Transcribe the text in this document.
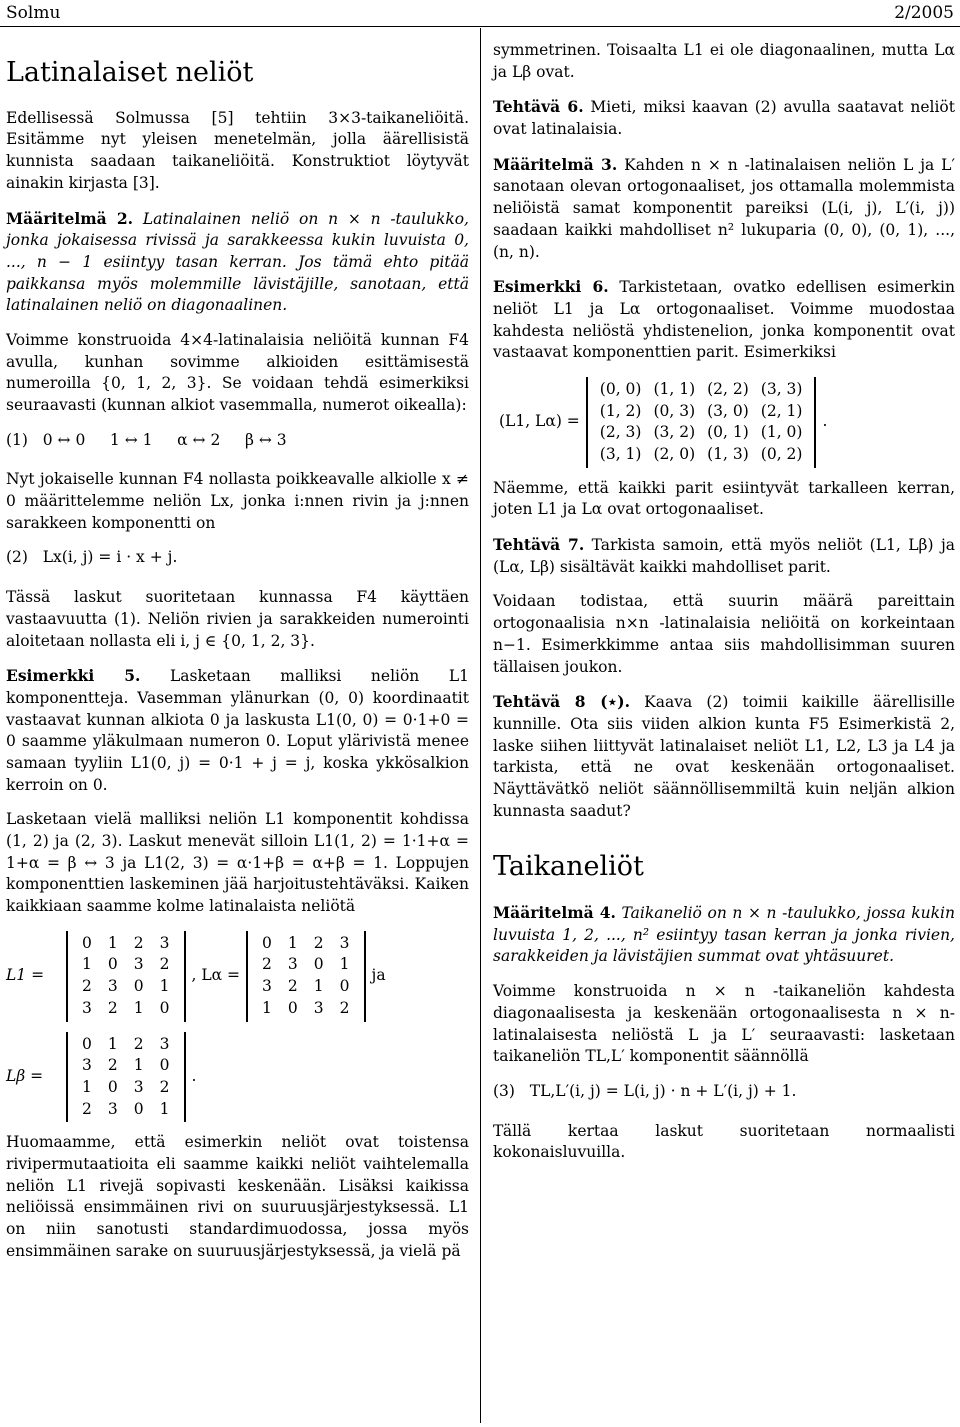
Solmu	2/2005
Latinalaiset neliöt

Edellisessä Solmussa [5] tehtiin 3×3-taikaneliöitä. Esitämme nyt yleisen menetelmän, jolla äärellisistä kunnista saadaan taikaneliöitä. Konstruktiot löytyvät ainakin kirjasta [3].

Määritelmä 2. Latinalainen neliö on n × n -taulukko, jonka jokaisessa rivissä ja sarakkeessa kukin luvuista 0, ..., n − 1 esiintyy tasan kerran. Jos tämä ehto pitää paikkansa myös molemmille lävistäjille, sanotaan, että latinalainen neliö on diagonaalinen.

Voimme konstruoida 4×4-latinalaisia neliöitä kunnan F4 avulla, kunhan sovimme alkioiden esittämisestä numeroilla {0, 1, 2, 3}. Se voidaan tehdä esimerkiksi seuraavasti (kunnan alkiot vasemmalla, numerot oikealla):

(1)   0 ↔ 0     1 ↔ 1     α ↔ 2     β ↔ 3

Nyt jokaiselle kunnan F4 nollasta poikkeavalle alkiolle x ≠ 0 määrittelemme neliön Lx, jonka i:nnen rivin ja j:nnen sarakkeen komponentti on

(2)   Lx(i, j) = i · x + j.

Tässä laskut suoritetaan kunnassa F4 käyttäen vastaavuutta (1). Neliön rivien ja sarakkeiden numerointi aloitetaan nollasta eli i, j ∈ {0, 1, 2, 3}.

Esimerkki 5. Lasketaan malliksi neliön L1 komponentteja. Vasemman ylänurkan (0, 0) koordinaatit vastaavat kunnan alkiota 0 ja laskusta L1(0, 0) = 0·1+0 = 0 saamme yläkulmaan numeron 0. Loput ylärivistä menee samaan tyyliin L1(0, j) = 0·1 + j = j, koska ykkösalkion kerroin on 0.

Lasketaan vielä malliksi neliön L1 komponentit kohdissa (1, 2) ja (2, 3). Laskut menevät silloin L1(1, 2) = 1·1+α = 1+α = β ↔ 3 ja L1(2, 3) = α·1+β = α+β = 1. Loppujen komponenttien laskeminen jää harjoitustehtäväksi. Kaiken kaikkiaan saamme kolme latinalaista neliötä

L1 =
0	1	2	3
1	0	3	2
2	3	0	1
3	2	1	0
, Lα =
0	1	2	3
2	3	0	1
3	2	1	0
1	0	3	2
ja
Lβ =
0	1	2	3
3	2	1	0
1	0	3	2
2	3	0	1
.

Huomaamme, että esimerkin neliöt ovat toistensa rivipermutaatioita eli saamme kaikki neliöt vaihtelemalla neliön L1 rivejä sopivasti keskenään. Lisäksi kaikissa neliöissä ensimmäinen rivi on suuruusjärjestyksessä. L1 on niin sanotusti standardimuodossa, jossa myös ensimmäinen sarake on suuruusjärjestyksessä, ja vielä pä

symmetrinen. Toisaalta L1 ei ole diagonaalinen, mutta Lα ja Lβ ovat.

Tehtävä 6. Mieti, miksi kaavan (2) avulla saatavat neliöt ovat latinalaisia.

Määritelmä 3. Kahden n × n -latinalaisen neliön L ja L′ sanotaan olevan ortogonaaliset, jos ottamalla molemmista neliöistä samat komponentit pareiksi (L(i, j), L′(i, j)) saadaan kaikki mahdolliset n² lukuparia (0, 0), (0, 1), ..., (n, n).

Esimerkki 6. Tarkistetaan, ovatko edellisen esimerkin neliöt L1 ja Lα ortogonaaliset. Voimme muodostaa kahdesta neliöstä yhdistenelion, jonka komponentit ovat vastaavat komponenttien parit. Esimerkiksi

(L1, Lα) =
(0, 0)	(1, 1)	(2, 2)	(3, 3)
(1, 2)	(0, 3)	(3, 0)	(2, 1)
(2, 3)	(3, 2)	(0, 1)	(1, 0)
(3, 1)	(2, 0)	(1, 3)	(0, 2)
.

Näemme, että kaikki parit esiintyvät tarkalleen kerran, joten L1 ja Lα ovat ortogonaaliset.

Tehtävä 7. Tarkista samoin, että myös neliöt (L1, Lβ) ja (Lα, Lβ) sisältävät kaikki mahdolliset parit.

Voidaan todistaa, että suurin määrä pareittain ortogonaalisia n×n -latinalaisia neliöitä on korkeintaan n−1. Esimerkkimme antaa siis mahdollisimman suuren tällaisen joukon.

Tehtävä 8 (⋆). Kaava (2) toimii kaikille äärellisille kunnille. Ota siis viiden alkion kunta F5 Esimerkistä 2, laske siihen liittyvät latinalaiset neliöt L1, L2, L3 ja L4 ja tarkista, että ne ovat keskenään ortogonaaliset. Näyttävätkö neliöt säännöllisemmiltä kuin neljän alkion kunnasta saadut?

Taikaneliöt

Määritelmä 4. Taikaneliö on n × n -taulukko, jossa kukin luvuista 1, 2, ..., n² esiintyy tasan kerran ja jonka rivien, sarakkeiden ja lävistäjien summat ovat yhtäsuuret.

Voimme konstruoida n × n -taikaneliön kahdesta diagonaalisesta ja keskenään ortogonaalisesta n × n-latinalaisesta neliöstä L ja L′ seuraavasti: lasketaan taikaneliön TL,L′ komponentit säännöllä

(3)   TL,L′(i, j) = L(i, j) · n + L′(i, j) + 1.

Tällä kertaa laskut suoritetaan normaalisti kokonaisluvuilla.
